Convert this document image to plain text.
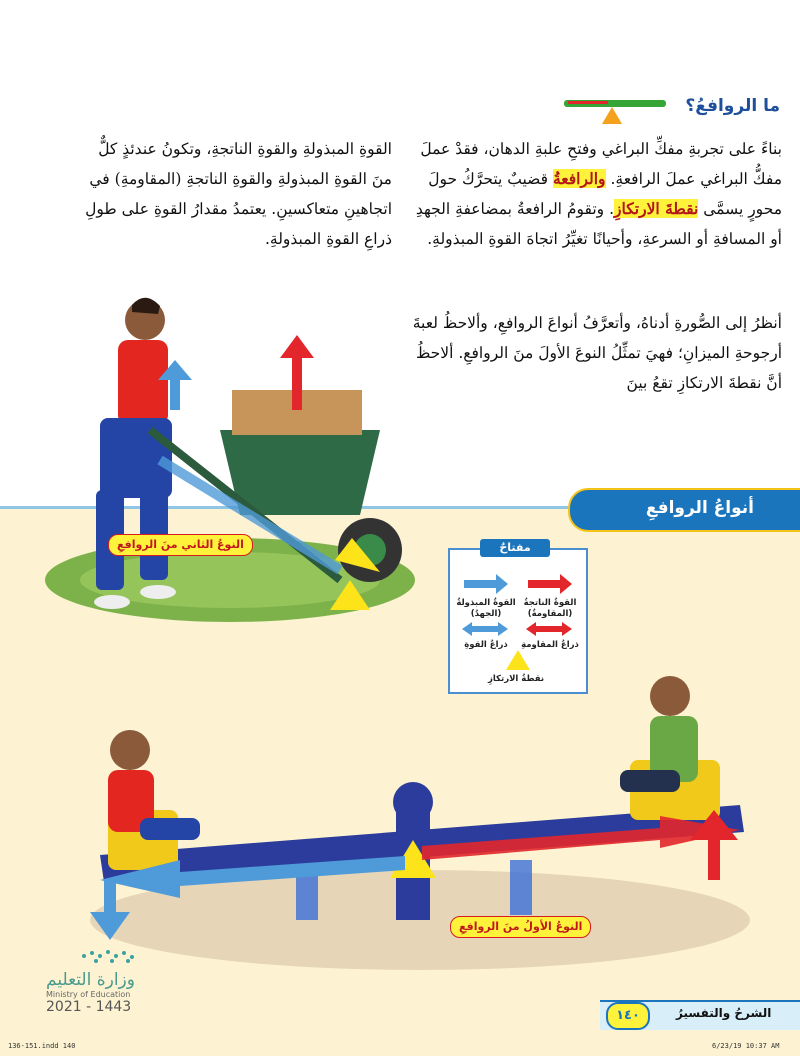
ما الروافعُ؟
بناءً على تجربةِ مفكِّ البراغي وفتحِ علبةِ الدهان، فقدْ عملَ مفكُّ البراغي عملَ الرافعةِ. والرافعةُ قضيبٌ يتحرَّكُ حولَ محورٍ يسمَّى نقطةَ الارتكازِ. وتقومُ الرافعةُ بمضاعفةِ الجهدِ أو المسافةِ أو السرعةِ، وأحيانًا تغيِّرُ اتجاهَ القوةِ المبذولةِ.
أنظرُ إلى الصُّورةِ أدناهُ، وأتعرَّفُ أنواعَ الروافعِ، وألاحظُ لعبةَ أرجوحةِ الميزانِ؛ فهيَ تمثِّلُ النوعَ الأولَ منَ الروافعِ. ألاحظُ أنَّ نقطةَ الارتكازِ تقعُ بينَ
القوةِ المبذولةِ والقوةِ الناتجةِ، وتكونُ عندئذٍ كلٌّ منَ القوةِ المبذولةِ والقوةِ الناتجةِ (المقاومةِ) في اتجاهينِ متعاكسينِ. يعتمدُ مقدارُ القوةِ على طولِ ذراعِ القوةِ المبذولةِ.
النوعُ الثاني منَ الروافعِ
أنواعُ الروافعِ
مفتاحٌ
القوةُ الناتجةُ (المقاومةُ)
القوةُ المبذولةُ (الجهدُ)
ذراعُ المقاومةِ
ذراعُ القوةِ
نقطةُ الارتكازِ
النوعُ الأولُ منَ الروافعِ
وزارة التعليم
Ministry of Education
2021 - 1443
١٤٠	الشرحُ والتفسيرُ
136-151.indd 140	6/23/19 10:37 AM
